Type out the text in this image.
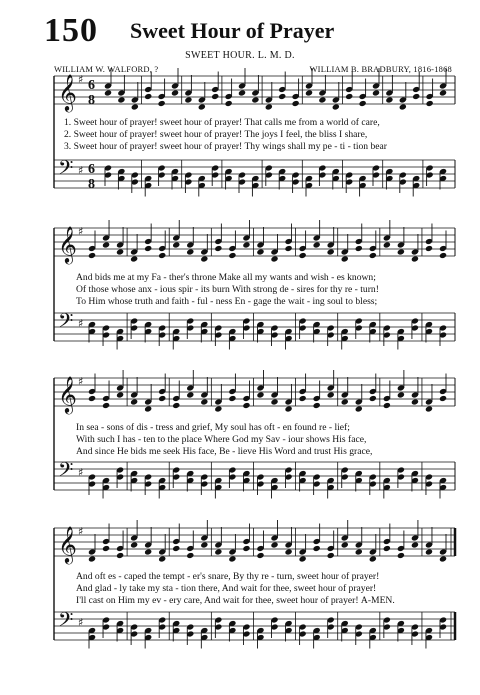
150 Sweet Hour of Prayer
SWEET HOUR. L. M. D.
WILLIAM W. WALFORD, ?	WILLIAM B. BRADBURY, 1816-1868
1. Sweet hour of prayer! sweet hour of prayer! That calls me from a world of care,
2. Sweet hour of prayer! sweet hour of prayer! The joys I feel, the bliss I share,
3. Sweet hour of prayer! sweet hour of prayer! Thy wings shall my pe - ti - tion bear
And bids me at my Fa - ther's throne Make all my wants and wish - es known;
Of those whose anx - ious spir - its burn With strong de - sires for thy re - turn!
To Him whose truth and faith - ful - ness En - gage the wait - ing soul to bless;
In sea - sons of dis - tress and grief, My soul has oft - en found re - lief;
With such I has - ten to the place Where God my Sav - iour shows His face,
And since He bids me seek His face, Be - lieve His Word and trust His grace,
And oft es - caped the tempt - er's snare, By thy re - turn, sweet hour of prayer!
And glad - ly take my sta - tion there, And wait for thee, sweet hour of prayer!
I'll cast on Him my ev - ery care, And wait for thee, sweet hour of prayer! A-MEN.
𝄞 ♯ 6
8
𝄢 ♯ 6
8
𝄞 ♯
𝄢 ♯
𝄞 ♯
𝄢 ♯
𝄞 ♯
𝄢 ♯
